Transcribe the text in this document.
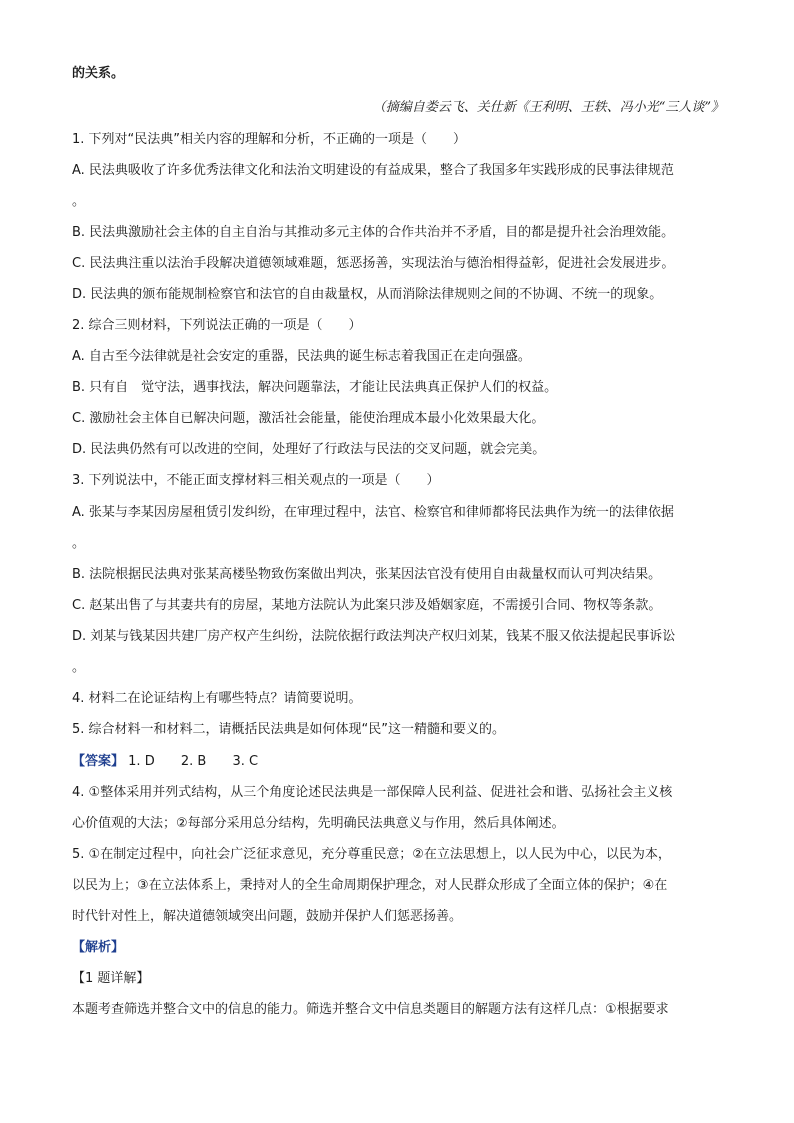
的关系。
（摘编自娄云飞、关仕新《王利明、王轶、冯小光“三人谈”》
1. 下列对“民法典”相关内容的理解和分析，不正确的一项是（　　）
A. 民法典吸收了许多优秀法律文化和法治文明建设的有益成果，整合了我国多年实践形成的民事法律规范
。
B. 民法典激励社会主体的自主自治与其推动多元主体的合作共治并不矛盾，目的都是提升社会治理效能。
C. 民法典注重以法治手段解决道德领域难题，惩恶扬善，实现法治与德治相得益彰，促进社会发展进步。
D. 民法典的颁布能规制检察官和法官的自由裁量权，从而消除法律规则之间的不协调、不统一的现象。
2. 综合三则材料，下列说法正确的一项是（　　）
A. 自古至今法律就是社会安定的重器，民法典的诞生标志着我国正在走向强盛。
B. 只有自　觉守法，遇事找法，解决问题靠法，才能让民法典真正保护人们的权益。
C. 激励社会主体自已解决问题，激活社会能量，能使治理成本最小化效果最大化。
D. 民法典仍然有可以改进的空间，处理好了行政法与民法的交叉问题，就会完美。
3. 下列说法中，不能正面支撑材料三相关观点的一项是（　　）
A. 张某与李某因房屋租赁引发纠纷，在审理过程中，法官、检察官和律师都将民法典作为统一的法律依据
。
B. 法院根据民法典对张某高楼坠物致伤案做出判决，张某因法官没有使用自由裁量权而认可判决结果。
C. 赵某出售了与其妻共有的房屋，某地方法院认为此案只涉及婚姻家庭，不需援引合同、物权等条款。
D. 刘某与钱某因共建厂房产权产生纠纷，法院依据行政法判决产权归刘某，钱某不服又依法提起民事诉讼
。
4. 材料二在论证结构上有哪些特点？请简要说明。
5. 综合材料一和材料二，请概括民法典是如何体现“民”这一精髓和要义的。
【答案】 1. D 2. B 3. C
4. ①整体采用并列式结构，从三个角度论述民法典是一部保障人民利益、促进社会和谐、弘扬社会主义核
心价值观的大法；②每部分采用总分结构，先明确民法典意义与作用，然后具体阐述。
5. ①在制定过程中，向社会广泛征求意见，充分尊重民意；②在立法思想上，以人民为中心，以民为本，
以民为上；③在立法体系上，秉持对人的全生命周期保护理念，对人民群众形成了全面立体的保护；④在
时代针对性上，解决道德领域突出问题，鼓励并保护人们惩恶扬善。
【解析】
【1 题详解】
本题考查筛选并整合文中的信息的能力。筛选并整合文中信息类题目的解题方法有这样几点：①根据要求
